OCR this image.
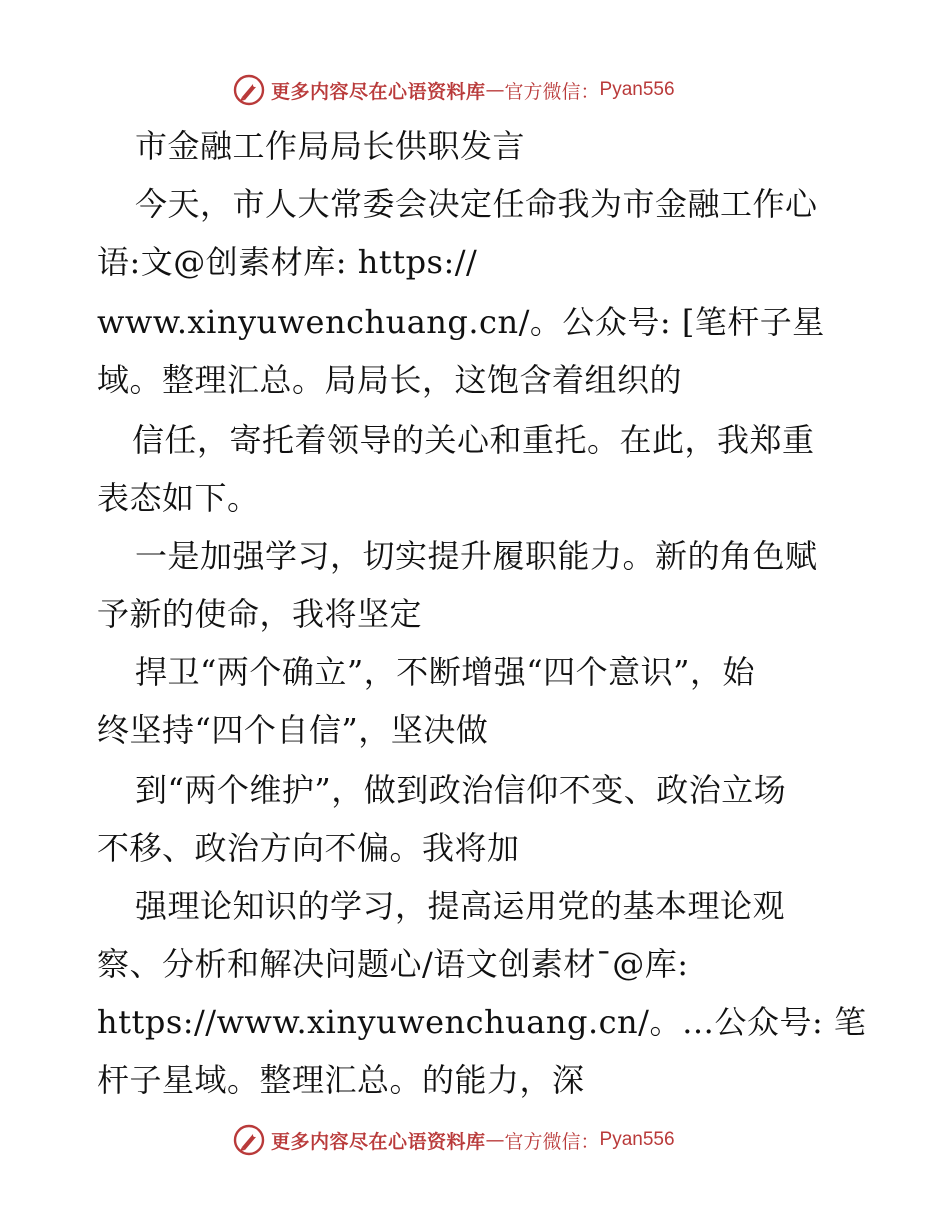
更多内容尽在心语资料库 — 官方微信： Pyan556
市金融工作局局长供职发言
今天，市人大常委会决定任命我为市金融工作心
语:文@创素材库: https://
www.xinyuwenchuang.cn/。公众号: [笔杆子星
域。整理汇总。局局长，这饱含着组织的
信任，寄托着领导的关心和重托。在此，我郑重
表态如下。
一是加强学习，切实提升履职能力。新的角色赋
予新的使命，我将坚定
捍卫“两个确立”，不断增强“四个意识”，始
终坚持“四个自信”，坚决做
到“两个维护”，做到政治信仰不变、政治立场
不移、政治方向不偏。我将加
强理论知识的学习，提高运用党的基本理论观
察、分析和解决问题心/语文创素材¯@库:
https://www.xinyuwenchuang.cn/。…公众号: 笔
杆子星域。整理汇总。的能力，深
更多内容尽在心语资料库 — 官方微信： Pyan556
